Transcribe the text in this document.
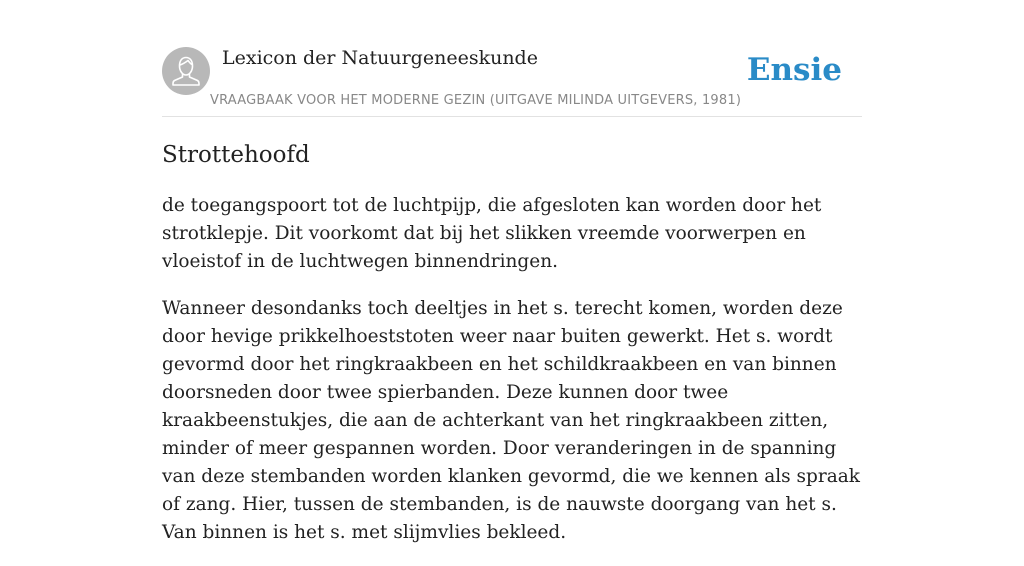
Lexicon der Natuurgeneeskunde
VRAAGBAAK VOOR HET MODERNE GEZIN (UITGAVE MILINDA UITGEVERS, 1981)
Ensie
Strottehoofd

de toegangspoort tot de luchtpijp, die afgesloten kan worden door het strotklepje. Dit voorkomt dat bij het slikken vreemde voorwerpen en vloeistof in de luchtwegen binnendringen.

Wanneer desondanks toch deeltjes in het s. terecht komen, worden deze door hevige prikkelhoeststoten weer naar buiten gewerkt. Het s. wordt gevormd door het ringkraakbeen en het schildkraakbeen en van binnen doorsneden door twee spierbanden. Deze kunnen door twee kraakbeenstukjes, die aan de achterkant van het ringkraakbeen zitten, minder of meer gespannen worden. Door veranderingen in de spanning van deze stembanden worden klanken gevormd, die we kennen als spraak of zang. Hier, tussen de stembanden, is de nauwste doorgang van het s. Van binnen is het s. met slijmvlies bekleed.
